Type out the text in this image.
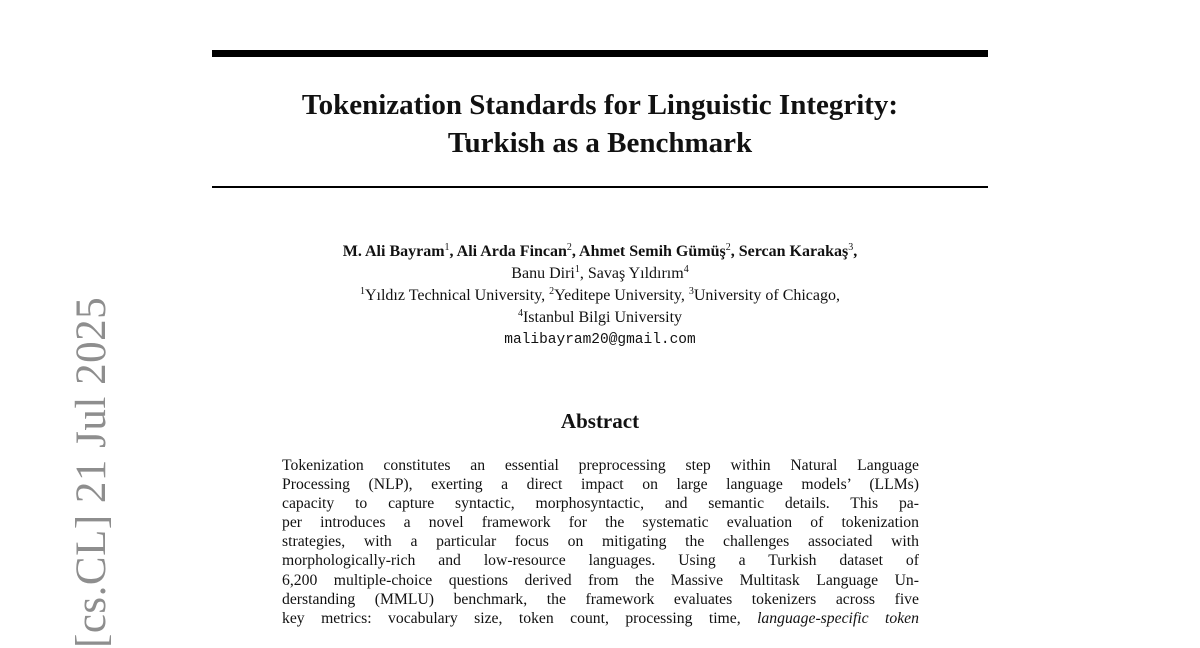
Tokenization Standards for Linguistic Integrity:
Turkish as a Benchmark
M. Ali Bayram$^1$, Ali Arda Fincan$^2$, Ahmet Semih Gümüş$^2$, Sercan Karakaş$^3$,
Banu Diri$^1$, Savaş Yıldırım$^4$
$^1$Yıldız Technical University, $^2$Yeditepe University, $^3$University of Chicago,
$^4$Istanbul Bilgi University
malibayram20@gmail.com
Abstract
Tokenization constitutes an essential preprocessing step within Natural Language
Processing (NLP), exerting a direct impact on large language models’ (LLMs)
capacity to capture syntactic, morphosyntactic, and semantic details. This pa-
per introduces a novel framework for the systematic evaluation of tokenization
strategies, with a particular focus on mitigating the challenges associated with
morphologically-rich and low-resource languages. Using a Turkish dataset of
6,200 multiple-choice questions derived from the Massive Multitask Language Un-
derstanding (MMLU) benchmark, the framework evaluates tokenizers across five
key metrics: vocabulary size, token count, processing time, language-specific token
[cs.CL] 21 Jul 2025
